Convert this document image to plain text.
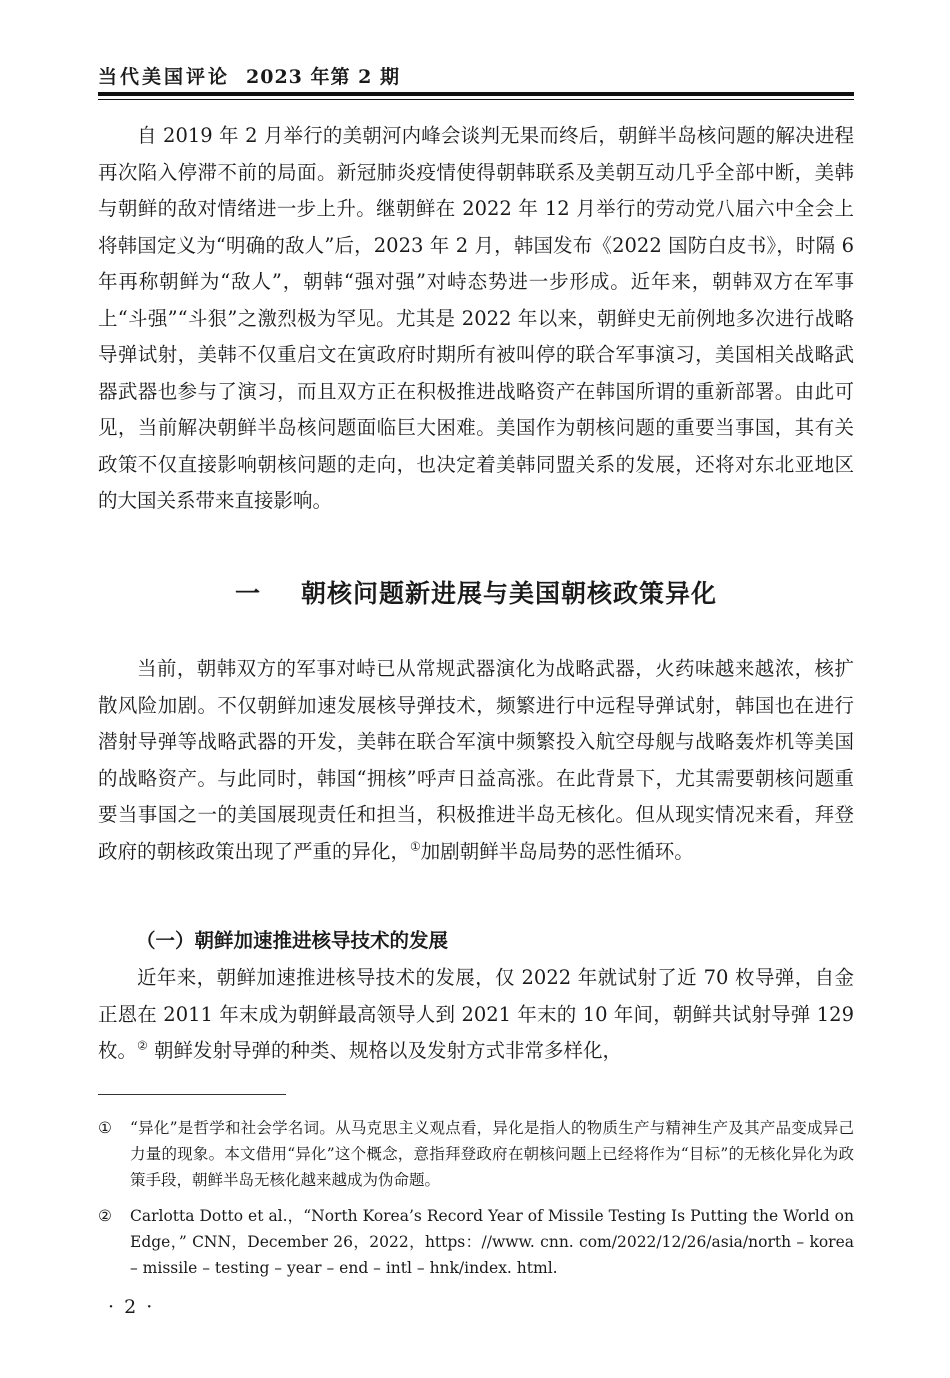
当代美国评论 2023 年第 2 期

自 2019 年 2 月举行的美朝河内峰会谈判无果而终后，朝鲜半岛核问题的解决进程再次陷入停滞不前的局面。新冠肺炎疫情使得朝韩联系及美朝互动几乎全部中断，美韩与朝鲜的敌对情绪进一步上升。继朝鲜在 2022 年 12 月举行的劳动党八届六中全会上将韩国定义为“明确的敌人”后，2023 年 2 月，韩国发布《2022 国防白皮书》，时隔 6 年再称朝鲜为“敌人”，朝韩“强对强”对峙态势进一步形成。近年来，朝韩双方在军事上“斗强”“斗狠”之激烈极为罕见。尤其是 2022 年以来，朝鲜史无前例地多次进行战略导弹试射，美韩不仅重启文在寅政府时期所有被叫停的联合军事演习，美国相关战略武器武器也参与了演习，而且双方正在积极推进战略资产在韩国所谓的重新部署。由此可见，当前解决朝鲜半岛核问题面临巨大困难。美国作为朝核问题的重要当事国，其有关政策不仅直接影响朝核问题的走向，也决定着美韩同盟关系的发展，还将对东北亚地区的大国关系带来直接影响。

一 朝核问题新进展与美国朝核政策异化

当前，朝韩双方的军事对峙已从常规武器演化为战略武器，火药味越来越浓，核扩散风险加剧。不仅朝鲜加速发展核导弹技术，频繁进行中远程导弹试射，韩国也在进行潜射导弹等战略武器的开发，美韩在联合军演中频繁投入航空母舰与战略轰炸机等美国的战略资产。与此同时，韩国“拥核”呼声日益高涨。在此背景下，尤其需要朝核问题重要当事国之一的美国展现责任和担当，积极推进半岛无核化。但从现实情况来看，拜登政府的朝核政策出现了严重的异化，①加剧朝鲜半岛局势的恶性循环。

（一）朝鲜加速推进核导技术的发展

近年来，朝鲜加速推进核导技术的发展，仅 2022 年就试射了近 70 枚导弹，自金正恩在 2011 年末成为朝鲜最高领导人到 2021 年末的 10 年间，朝鲜共试射导弹 129 枚。② 朝鲜发射导弹的种类、规格以及发射方式非常多样化，

①	“异化”是哲学和社会学名词。从马克思主义观点看，异化是指人的物质生产与精神生产及其产品变成异己力量的现象。本文借用“异化”这个概念，意指拜登政府在朝核问题上已经将作为“目标”的无核化异化为政策手段，朝鲜半岛无核化越来越成为伪命题。
②	Carlotta Dotto et al.，“North Korea’s Record Year of Missile Testing Is Putting the World on Edge，” CNN，December 26，2022，https：//www. cnn. com/2022/12/26/asia/north – korea – missile – testing – year – end – intl – hnk/index. html.
· 2 ·
